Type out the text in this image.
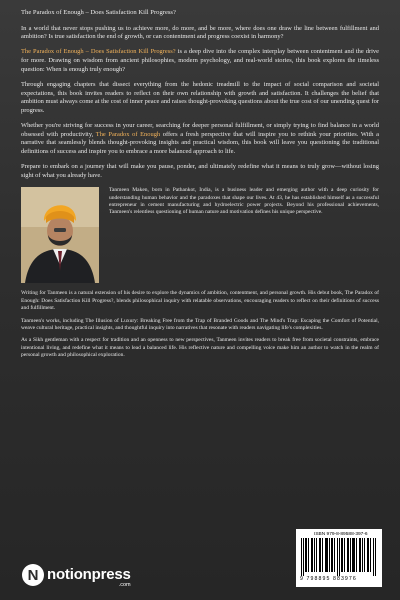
The Paradox of Enough – Does Satisfaction Kill Progress?

In a world that never stops pushing us to achieve more, do more, and be more, where does one draw the line between fulfillment and ambition? Is true satisfaction the end of growth, or can contentment and progress coexist in harmony?

The Paradox of Enough – Does Satisfaction Kill Progress? is a deep dive into the complex interplay between contentment and the drive for more. Drawing on wisdom from ancient philosophies, modern psychology, and real-world stories, this book explores the timeless question: When is enough truly enough?

Through engaging chapters that dissect everything from the hedonic treadmill to the impact of social comparison and societal expectations, this book invites readers to reflect on their own relationship with growth and satisfaction. It challenges the belief that ambition must always come at the cost of inner peace and raises thought-provoking questions about the true cost of our unending quest for progress.

Whether you're striving for success in your career, searching for deeper personal fulfillment, or simply trying to find balance in a world obsessed with productivity, The Paradox of Enough offers a fresh perspective that will inspire you to rethink your priorities. With a narrative that seamlessly blends thought-provoking insights and practical wisdom, this book will leave you questioning the traditional definitions of success and inspire you to embrace a more balanced approach to life.

Prepare to embark on a journey that will make you pause, ponder, and ultimately redefine what it means to truly grow—without losing sight of what you already have.

Tanmeen Maken, born in Pathankot, India, is a business leader and emerging author with a deep curiosity for understanding human behavior and the paradoxes that shape our lives. At 43, he has established himself as a successful entrepreneur in cement manufacturing and hydroelectric power projects. Beyond his professional achievements, Tanmeen's relentless questioning of human nature and motivation defines his unique perspective.

Writing for Tanmeen is a natural extension of his desire to explore the dynamics of ambition, contentment, and personal growth. His debut book, The Paradox of Enough: Does Satisfaction Kill Progress?, blends philosophical inquiry with relatable observations, encouraging readers to reflect on their definitions of success and fulfillment.

Tanmeen's works, including The Illusion of Luxury: Breaking Free from the Trap of Branded Goods and The Mind's Trap: Escaping the Comfort of Potential, weave cultural heritage, practical insights, and thoughtful inquiry into narratives that resonate with readers navigating life's complexities.

As a Sikh gentleman with a respect for tradition and an openness to new perspectives, Tanmeen invites readers to break free from societal constraints, embrace intentional living, and redefine what it means to lead a balanced life. His reflective nature and compelling voice make him an author to watch in the realm of personal growth and philosophical exploration.

N notionpress
.com
ISBN 979-8-89588-397-6
9 798895 883976
